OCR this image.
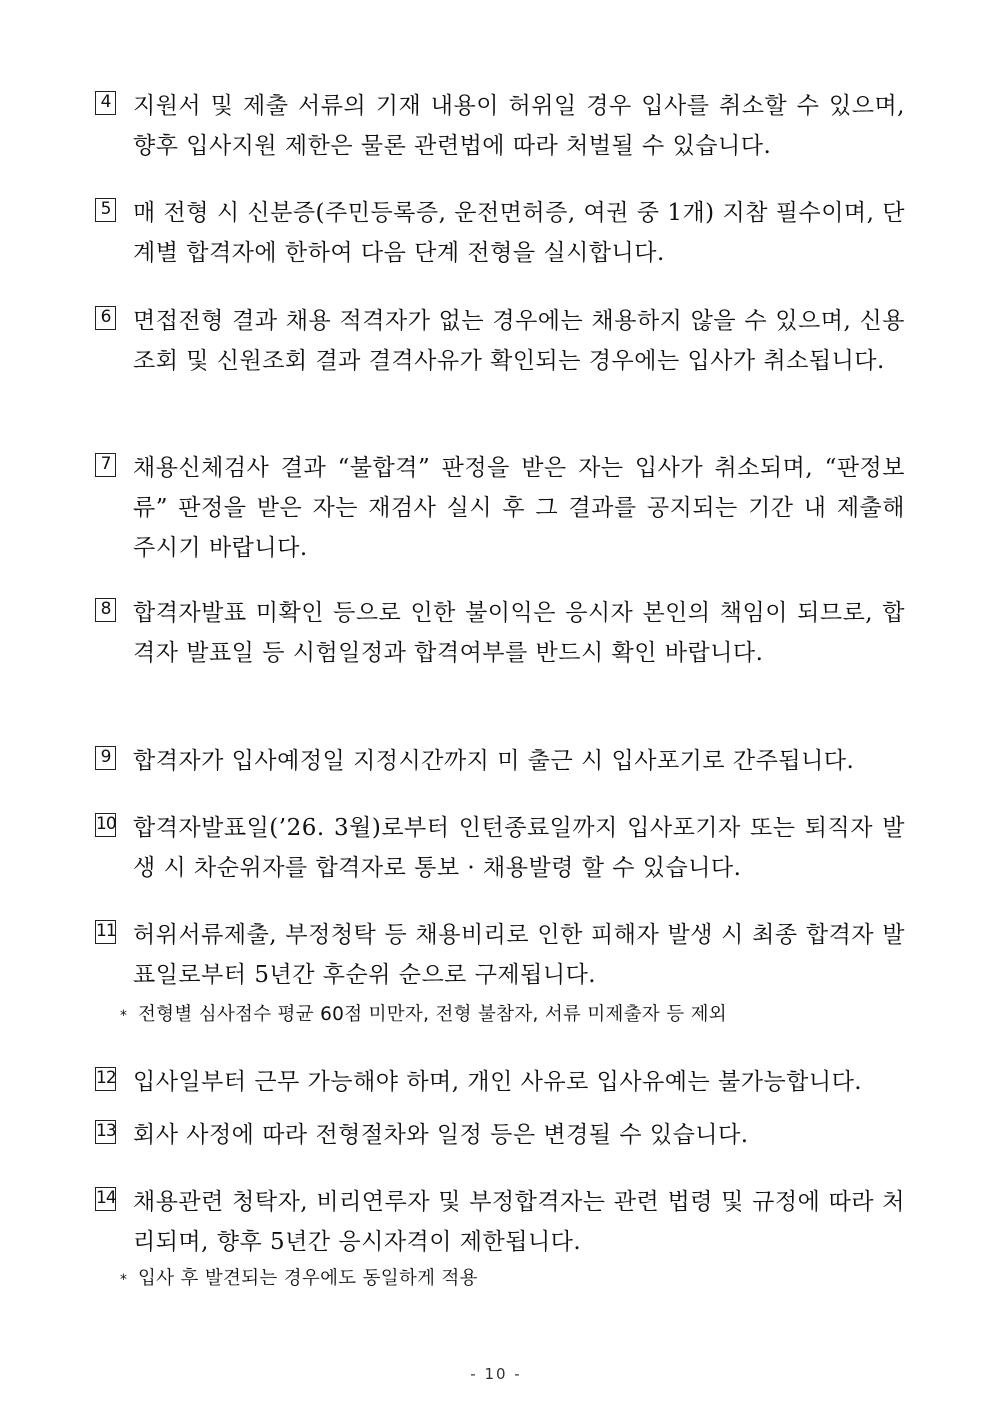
4 지원서 및 제출 서류의 기재 내용이 허위일 경우 입사를 취소할 수 있으며, 향후 입사지원 제한은 물론 관련법에 따라 처벌될 수 있습니다.
5 매 전형 시 신분증(주민등록증, 운전면허증, 여권 중 1개) 지참 필수이며, 단계별 합격자에 한하여 다음 단계 전형을 실시합니다.
6 면접전형 결과 채용 적격자가 없는 경우에는 채용하지 않을 수 있으며, 신용조회 및 신원조회 결과 결격사유가 확인되는 경우에는 입사가 취소됩니다.
7 채용신체검사 결과 “불합격” 판정을 받은 자는 입사가 취소되며, “판정보류” 판정을 받은 자는 재검사 실시 후 그 결과를 공지되는 기간 내 제출해 주시기 바랍니다.
8 합격자발표 미확인 등으로 인한 불이익은 응시자 본인의 책임이 되므로, 합격자 발표일 등 시험일정과 합격여부를 반드시 확인 바랍니다.
9 합격자가 입사예정일 지정시간까지 미 출근 시 입사포기로 간주됩니다.
10 합격자발표일(’26. 3월)로부터 인턴종료일까지 입사포기자 또는 퇴직자 발생 시 차순위자를 합격자로 통보 · 채용발령 할 수 있습니다.
11 허위서류제출, 부정청탁 등 채용비리로 인한 피해자 발생 시 최종 합격자 발표일로부터 5년간 후순위 순으로 구제됩니다.
* 전형별 심사점수 평균 60점 미만자, 전형 불참자, 서류 미제출자 등 제외
12 입사일부터 근무 가능해야 하며, 개인 사유로 입사유예는 불가능합니다.
13 회사 사정에 따라 전형절차와 일정 등은 변경될 수 있습니다.
14 채용관련 청탁자, 비리연루자 및 부정합격자는 관련 법령 및 규정에 따라 처리되며, 향후 5년간 응시자격이 제한됩니다.
* 입사 후 발견되는 경우에도 동일하게 적용
- 10 -
